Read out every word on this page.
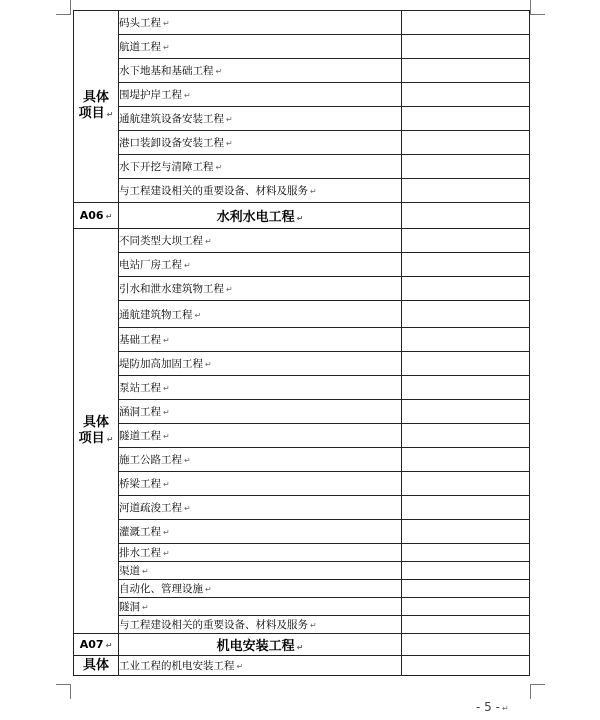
具体
项目 ↵	码头工程 ↵	
	航道工程 ↵	
	水下地基和基础工程 ↵	
	围堤护岸工程 ↵	
	通航建筑设备安装工程 ↵	
	港口装卸设备安装工程 ↵	
	水下开挖与清障工程 ↵	
	与工程建设相关的重要设备、材料及服务 ↵	
A06 ↵	水利水电工程 ↵	

具体
项目 ↵	不同类型大坝工程 ↵	
	电站厂房工程 ↵	
	引水和泄水建筑物工程 ↵	
	通航建筑物工程 ↵	
	基础工程 ↵	
	堤防加高加固工程 ↵	
	泵站工程 ↵	
	涵洞工程 ↵	
	隧道工程 ↵	
	施工公路工程 ↵	
	桥梁工程 ↵	
	河道疏浚工程 ↵	
	灌溉工程 ↵	
	排水工程 ↵	
	渠道 ↵	
	自动化、管理设施 ↵	
	隧洞 ↵	
	与工程建设相关的重要设备、材料及服务 ↵	
A07 ↵	机电安装工程 ↵	

具体	工业工程的机电安装工程 ↵	
- 5 - ↵
